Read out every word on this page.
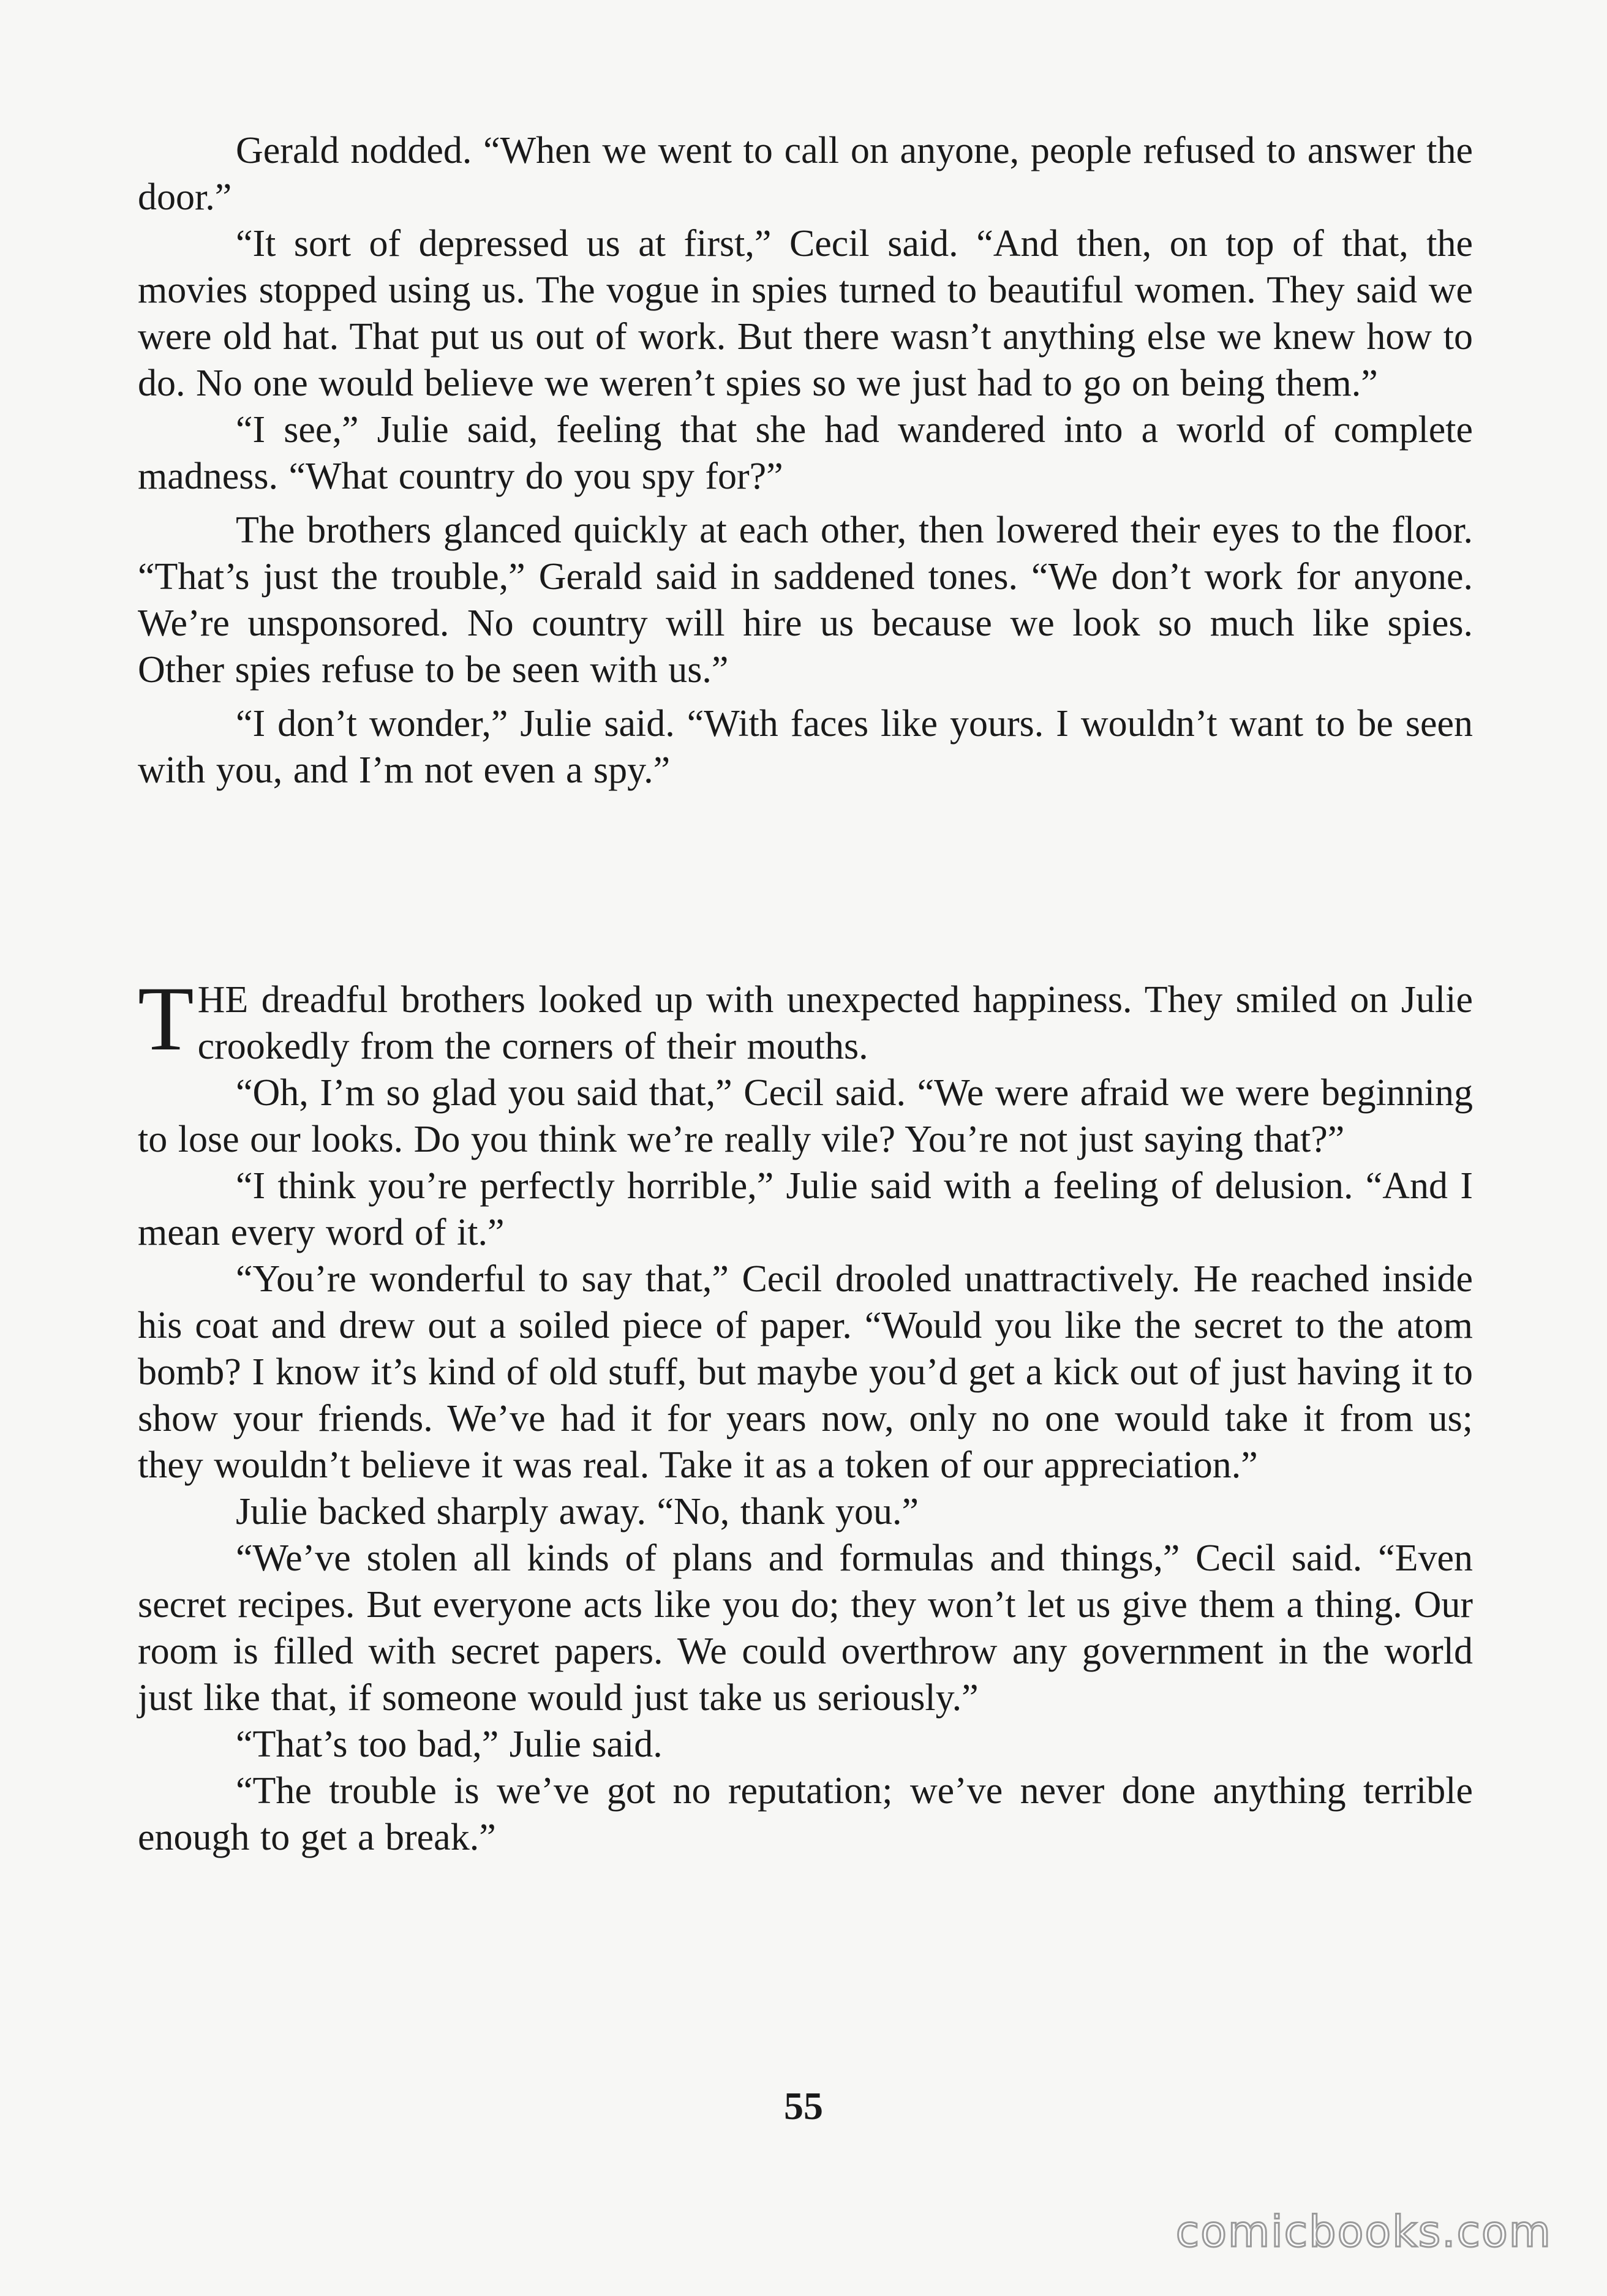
Gerald nodded. “When we went to call on anyone, people refused to answer the door.”

“It sort of depressed us at first,” Cecil said. “And then, on top of that, the movies stopped using us. The vogue in spies turned to beautiful women. They said we were old hat. That put us out of work. But there wasn’t anything else we knew how to do. No one would believe we weren’t spies so we just had to go on being them.”

“I see,” Julie said, feeling that she had wandered into a world of complete madness. “What country do you spy for?”

The brothers glanced quickly at each other, then lowered their eyes to the floor. “That’s just the trouble,” Gerald said in saddened tones. “We don’t work for anyone. We’re unsponsored. No country will hire us because we look so much like spies. Other spies refuse to be seen with us.”

“I don’t wonder,” Julie said. “With faces like yours. I wouldn’t want to be seen with you, and I’m not even a spy.”

THE dreadful brothers looked up with unexpected happiness. They smiled on Julie crookedly from the corners of their mouths.

“Oh, I’m so glad you said that,” Cecil said. “We were afraid we were beginning to lose our looks. Do you think we’re really vile? You’re not just saying that?”

“I think you’re perfectly horrible,” Julie said with a feeling of delusion. “And I mean every word of it.”

“You’re wonderful to say that,” Cecil drooled unattractively. He reached inside his coat and drew out a soiled piece of paper. “Would you like the secret to the atom bomb? I know it’s kind of old stuff, but maybe you’d get a kick out of just having it to show your friends. We’ve had it for years now, only no one would take it from us; they wouldn’t believe it was real. Take it as a token of our appreciation.”

Julie backed sharply away. “No, thank you.”

“We’ve stolen all kinds of plans and formulas and things,” Cecil said. “Even secret recipes. But everyone acts like you do; they won’t let us give them a thing. Our room is filled with secret papers. We could overthrow any government in the world just like that, if someone would just take us seriously.”

“That’s too bad,” Julie said.

“The trouble is we’ve got no reputation; we’ve never done anything terrible enough to get a break.”

55
comicbooks.com
